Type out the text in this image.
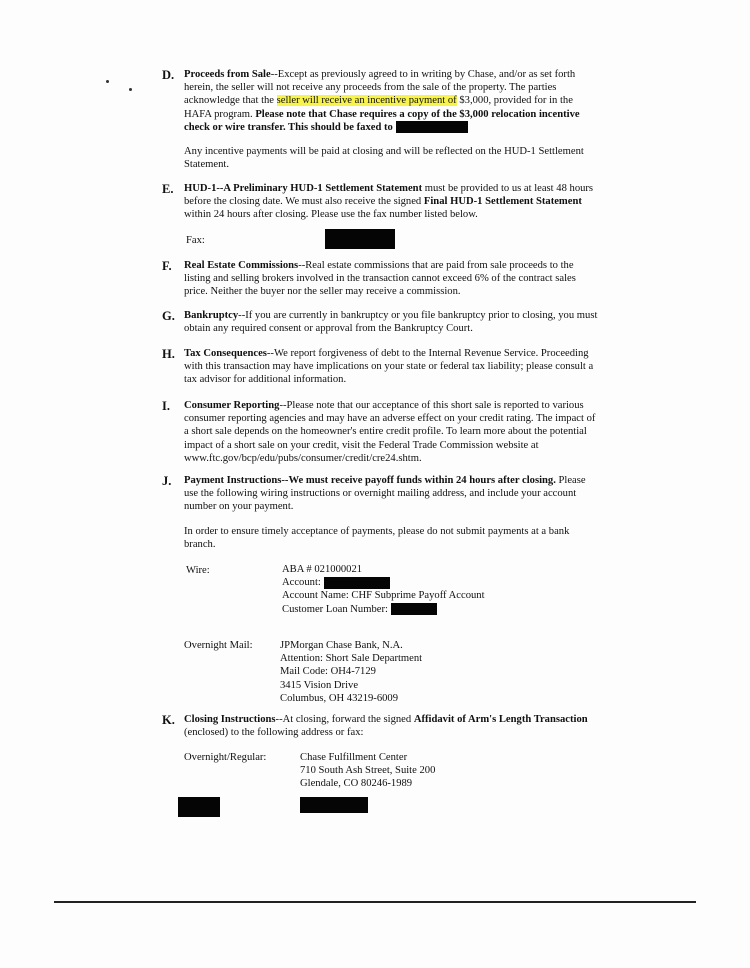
D. Proceeds from Sale--Except as previously agreed to in writing by Chase, and/or as set forth herein, the seller will not receive any proceeds from the sale of the property. The parties acknowledge that the seller will receive an incentive payment of $3,000, provided for in the HAFA program. Please note that Chase requires a copy of the $3,000 relocation incentive check or wire transfer. This should be faxed to

Any incentive payments will be paid at closing and will be reflected on the HUD-1 Settlement Statement.
E. HUD-1--A Preliminary HUD-1 Settlement Statement must be provided to us at least 48 hours before the closing date. We must also receive the signed Final HUD-1 Settlement Statement within 24 hours after closing. Please use the fax number listed below.

Fax:
F.	Real Estate Commissions--Real estate commissions that are paid from sale proceeds to the listing and selling brokers involved in the transaction cannot exceed 6% of the contract sales price. Neither the buyer nor the seller may receive a commission.

G. Bankruptcy--If you are currently in bankruptcy or you file bankruptcy prior to closing, you must obtain any required consent or approval from the Bankruptcy Court.

H. Tax Consequences--We report forgiveness of debt to the Internal Revenue Service. Proceeding with this transaction may have implications on your state or federal tax liability; please consult a tax advisor for additional information.

I.	Consumer Reporting--Please note that our acceptance of this short sale is reported to various consumer reporting agencies and may have an adverse effect on your credit rating. The impact of a short sale depends on the homeowner's entire credit profile. To learn more about the potential impact of a short sale on your credit, visit the Federal Trade Commission website at www.ftc.gov/bcp/edu/pubs/consumer/credit/cre24.shtm.

J.	Payment Instructions--We must receive payoff funds within 24 hours after closing. Please use the following wiring instructions or overnight mailing address, and include your account number on your payment.

In order to ensure timely acceptance of payments, please do not submit payments at a bank branch.
Wire:	ABA # 021000021
Account:
Account Name: CHF Subprime Payoff Account
Customer Loan Number:
Overnight Mail:	JPMorgan Chase Bank, N.A.
Attention: Short Sale Department
Mail Code: OH4-7129
3415 Vision Drive
Columbus, OH 43219-6009
K. Closing Instructions--At closing, forward the signed Affidavit of Arm's Length Transaction (enclosed) to the following address or fax:

Overnight/Regular:	Chase Fulfillment Center
710 South Ash Street, Suite 200
Glendale, CO 80246-1989
